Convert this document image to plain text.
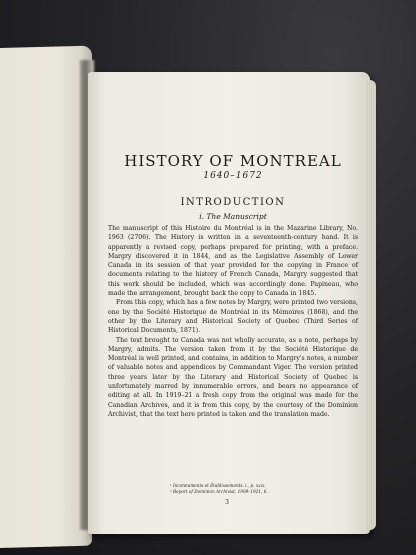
HISTORY OF MONTREAL

1640–1672

INTRODUCTION

i. The Manuscript

The manuscript of this Histoire du Montréal is in the Mazarine Library, No. 1963 (2706). The History is written in a seventeenth-century hand. It is apparently a revised copy, perhaps prepared for printing, with a preface. Margry discovered it in 1844, and as the Legislative Assembly of Lower Canada in its session of that year provided for the copying in France of documents relating to the history of French Canada, Margry suggested that this work should be included, which was accordingly done. Papineau, who made the arrangement, brought back the copy to Canada in 1845.

From this copy, which has a few notes by Margry, were printed two versions, one by the Société Historique de Montréal in its Mémoires (1868), and the other by the Literary and Historical Society of Quebec (Third Series of Historical Documents, 1871).

The text brought to Canada was not wholly accurate, as a note, perhaps by Margry, admits. The version taken from it by the Société Historique de Montréal is well printed, and contains, in addition to Margry's notes, a number of valuable notes and appendices by Commandant Viger. The version printed three years later by the Literary and Historical Society of Quebec is unfortunately marred by innumerable errors, and bears no appearance of editing at all. In 1919–21 a fresh copy from the original was made for the Canadian Archives, and it is from this copy, by the courtesy of the Dominion Archivist, that the text here printed is taken and the translation made.

¹ Inconnuments et Établissements, i., p. xxix.

² Report of Dominion Archivist, 1909–1921, 6.

3
